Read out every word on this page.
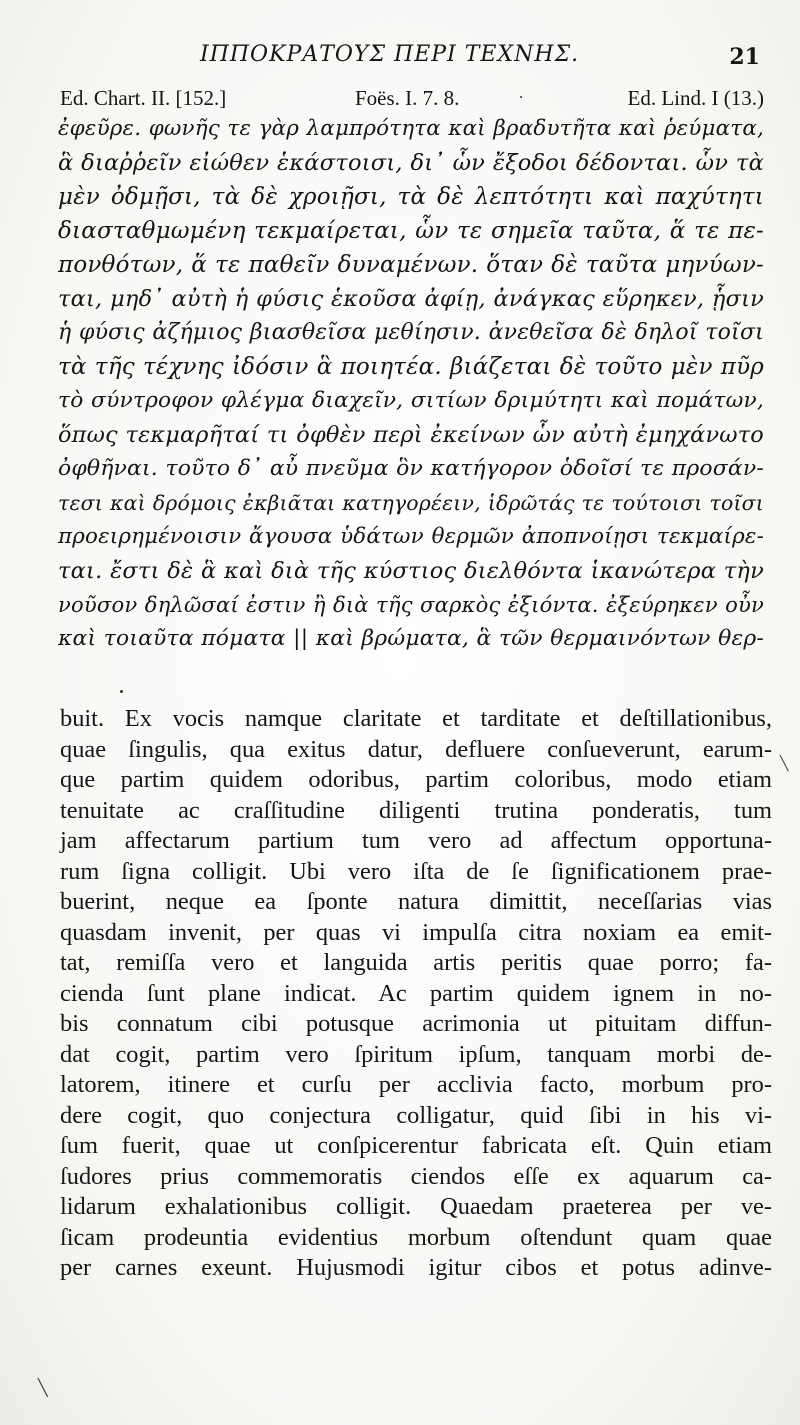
ΙΠΠΟΚΡΑΤΟΥΣ ΠΕΡΙ ΤΕΧΝΗΣ.	21
Ed. Chart. II. [152.]	Foës. I. 7. 8.	Ed. Lind. I (13.)
ἐφεῦρε. φωνῆς τε γὰρ λαμπρότητα καὶ βραδυτῆτα καὶ ῥεύματα,
ἃ διαῤῥεῖν εἰώθεν ἑκάστοισι, δι᾽ ὧν ἔξοδοι δέδονται. ὧν τὰ
μὲν ὀδμῇσι, τὰ δὲ χροιῇσι, τὰ δὲ λεπτότητι καὶ παχύτητι
διασταθμωμένη τεκμαίρεται, ὧν τε σημεῖα ταῦτα, ἅ τε πε-
πονθότων, ἅ τε παθεῖν δυναμένων. ὅταν δὲ ταῦτα μηνύων-
ται, μηδ᾽ αὐτὴ ἡ φύσις ἑκοῦσα ἀφίῃ, ἀνάγκας εὕρηκεν, ᾗσιν
ἡ φύσις ἀζήμιος βιασθεῖσα μεθίησιν. ἀνεθεῖσα δὲ δηλοῖ τοῖσι
τὰ τῆς τέχνης ἰδόσιν ἃ ποιητέα. βιάζεται δὲ τοῦτο μὲν πῦρ
τὸ σύντροφον φλέγμα διαχεῖν, σιτίων δριμύτητι καὶ πομάτων,
ὅπως τεκμαρῆταί τι ὀφθὲν περὶ ἐκείνων ὧν αὐτὴ ἐμηχάνωτο
ὀφθῆναι. τοῦτο δ᾽ αὖ πνεῦμα ὃν κατήγορον ὁδοῖσί τε προσάν-
τεσι καὶ δρόμοις ἐκβιᾶται κατηγορέειν, ἱδρῶτάς τε τούτοισι τοῖσι
προειρημένοισιν ἄγουσα ὑδάτων θερμῶν ἀποπνοίῃσι τεκμαίρε-
ται. ἔστι δὲ ἃ καὶ διὰ τῆς κύστιος διελθόντα ἱκανώτερα τὴν
νοῦσον δηλῶσαί ἐστιν ἢ διὰ τῆς σαρκὸς ἐξιόντα. ἐξεύρηκεν οὖν
καὶ τοιαῦτα πόματα || καὶ βρώματα, ἃ τῶν θερμαινόντων θερ-
buit. Ex vocis namque claritate et tarditate et deſtillationibus,
quae ſingulis, qua exitus datur, defluere conſueverunt, earum-
que partim quidem odoribus, partim coloribus, modo etiam
tenuitate ac craſſitudine diligenti trutina ponderatis, tum
jam affectarum partium tum vero ad affectum opportuna-
rum ſigna colligit. Ubi vero iſta de ſe ſignificationem prae-
buerint, neque ea ſponte natura dimittit, neceſſarias vias
quasdam invenit, per quas vi impulſa citra noxiam ea emit-
tat, remiſſa vero et languida artis peritis quae porro; fa-
cienda ſunt plane indicat. Ac partim quidem ignem in no-
bis connatum cibi potusque acrimonia ut pituitam diffun-
dat cogit, partim vero ſpiritum ipſum, tanquam morbi de-
latorem, itinere et curſu per acclivia facto, morbum pro-
dere cogit, quo conjectura colligatur, quid ſibi in his vi-
ſum fuerit, quae ut conſpicerentur fabricata eſt. Quin etiam
ſudores prius commemoratis ciendos eſſe ex aquarum ca-
lidarum exhalationibus colligit. Quaedam praeterea per ve-
ſicam prodeuntia evidentius morbum oſtendunt quam quae
per carnes exeunt. Hujusmodi igitur cibos et potus adinve-
╲
╲
